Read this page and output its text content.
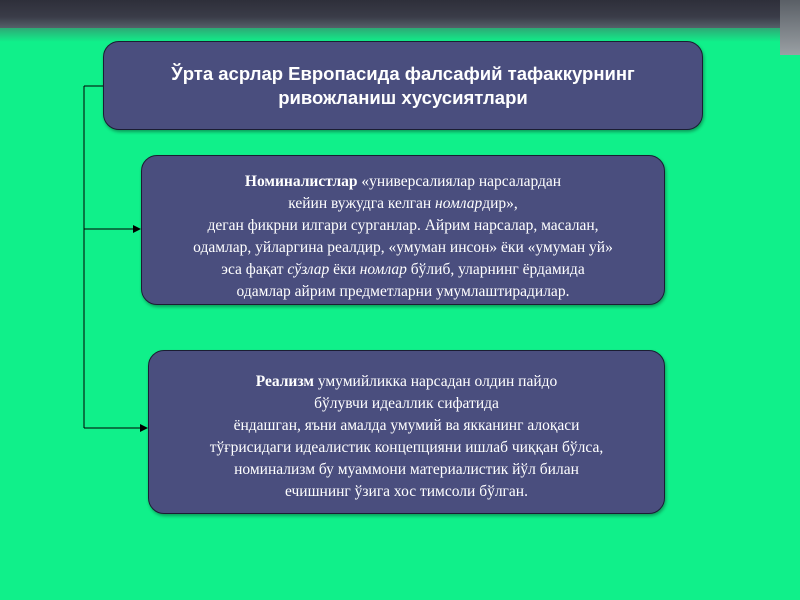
Ўрта асрлар Европасида фалсафий тафаккурнинг
ривожланиш хусусиятлари
Номиналистлар «универсалиялар нарсалардан
кейин вужудга келган номлардир»,
деган фикрни илгари сурганлар. Айрим нарсалар, масалан,
одамлар, уйларгина реалдир, «умуман инсон» ёки «умуман уй»
эса фақат сўзлар ёки номлар бўлиб, уларнинг ёрдамида
одамлар айрим предметларни умумлаштирадилар.
Реализм умумийликка нарсадан олдин пайдо
бўлувчи идеаллик сифатида
ёндашган, яъни амалда умумий ва якканинг алоқаси
тўғрисидаги идеалистик концепцияни ишлаб чиққан бўлса,
номинализм бу муаммони материалистик йўл билан
ечишнинг ўзига хос тимсоли бўлган.
